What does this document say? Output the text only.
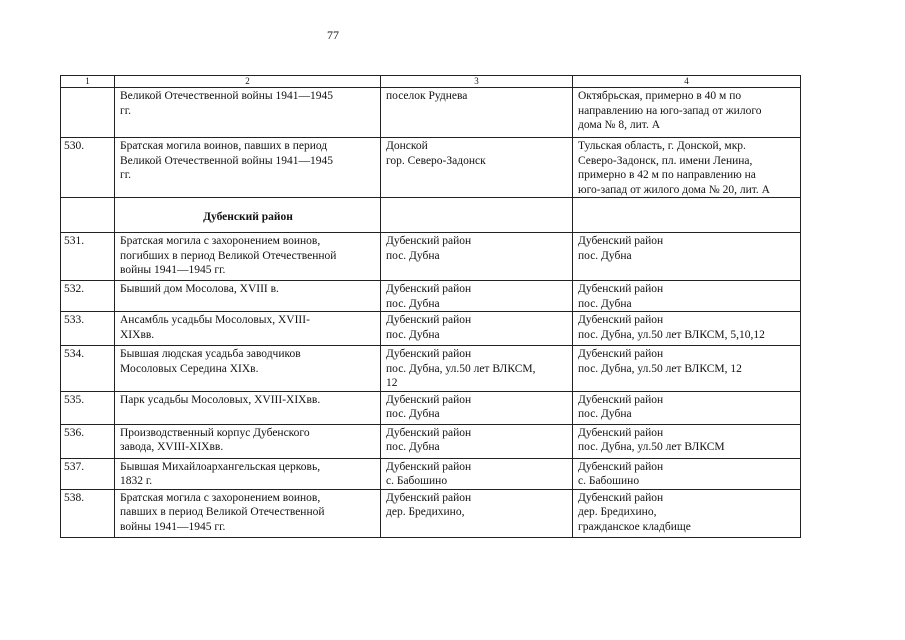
77
1	2	3	4
	Великой Отечественной войны 1941—1945
гг.	поселок Руднева	Октябрьская, примерно в 40 м по
направлению на юго-запад от жилого
дома № 8, лит. А
530.	Братская могила воинов, павших в период
Великой Отечественной войны 1941—1945
гг.	Донской
гор. Северо-Задонск	Тульская область, г. Донской, мкр.
Северо-Задонск, пл. имени Ленина,
примерно в 42 м по направлению на
юго-запад от жилого дома № 20, лит. А
	Дубенский район		
531.	Братская могила с захоронением воинов,
погибших в период Великой Отечественной
войны 1941—1945 гг.	Дубенский район
пос. Дубна	Дубенский район
пос. Дубна
532.	Бывший дом Мосолова, XVIII в.	Дубенский район
пос. Дубна	Дубенский район
пос. Дубна
533.	Ансамбль усадьбы Мосоловых, XVIII-
XIXвв.	Дубенский район
пос. Дубна	Дубенский район
пос. Дубна, ул.50 лет ВЛКСМ, 5,10,12
534.	Бывшая людская усадьба заводчиков
Мосоловых Середина XIXв.	Дубенский район
пос. Дубна, ул.50 лет ВЛКСМ,
12	Дубенский район
пос. Дубна, ул.50 лет ВЛКСМ, 12
535.	Парк усадьбы Мосоловых, XVIII-XIXвв.	Дубенский район
пос. Дубна	Дубенский район
пос. Дубна
536.	Производственный корпус Дубенского
завода, XVIII-XIXвв.	Дубенский район
пос. Дубна	Дубенский район
пос. Дубна, ул.50 лет ВЛКСМ
537.	Бывшая Михайлоархангельская церковь,
1832 г.	Дубенский район
с. Бабошино	Дубенский район
с. Бабошино
538.	Братская могила с захоронением воинов,
павших в период Великой Отечественной
войны 1941—1945 гг.	Дубенский район
дер. Бредихино,	Дубенский район
дер. Бредихино,
гражданское кладбище
